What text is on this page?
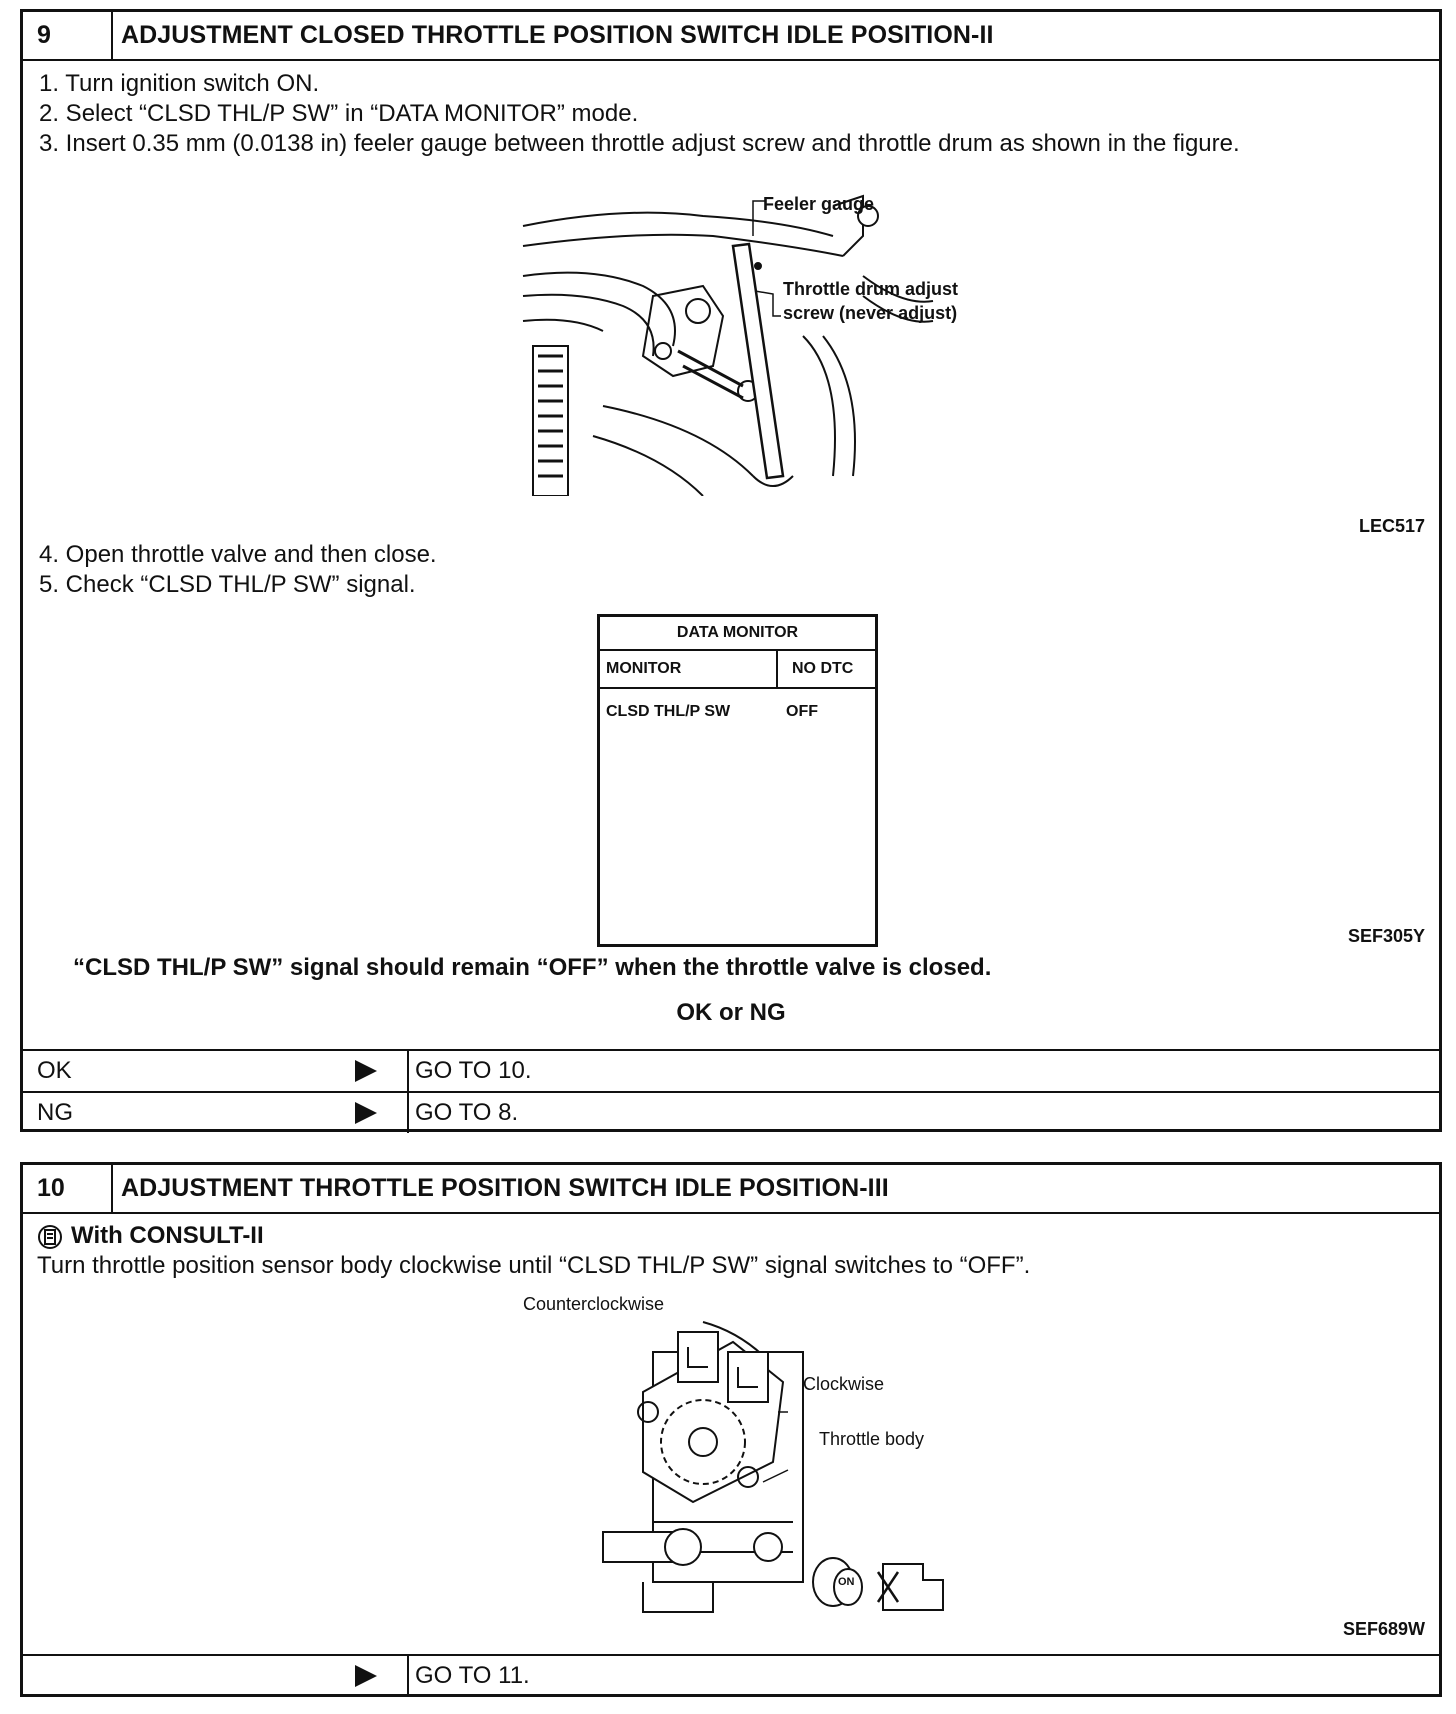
9	ADJUSTMENT CLOSED THROTTLE POSITION SWITCH IDLE POSITION-II
1. Turn ignition switch ON.
2. Select “CLSD THL/P SW” in “DATA MONITOR” mode.
3. Insert 0.35 mm (0.0138 in) feeler gauge between throttle adjust screw and throttle drum as shown in the figure.
Feeler gauge
Throttle drum adjust
screw (never adjust)
LEC517
4. Open throttle valve and then close.
5. Check “CLSD THL/P SW” signal.
DATA MONITOR
MONITOR	NO DTC
CLSD THL/P SW	OFF
SEF305Y
“CLSD THL/P SW” signal should remain “OFF” when the throttle valve is closed.
OK or NG
OK	GO TO 10.
NG	GO TO 8.
10	ADJUSTMENT THROTTLE POSITION SWITCH IDLE POSITION-III
With CONSULT-II
Turn throttle position sensor body clockwise until “CLSD THL/P SW” signal switches to “OFF”.
Counterclockwise
Clockwise
Throttle body
ON
SEF689W
GO TO 11.
